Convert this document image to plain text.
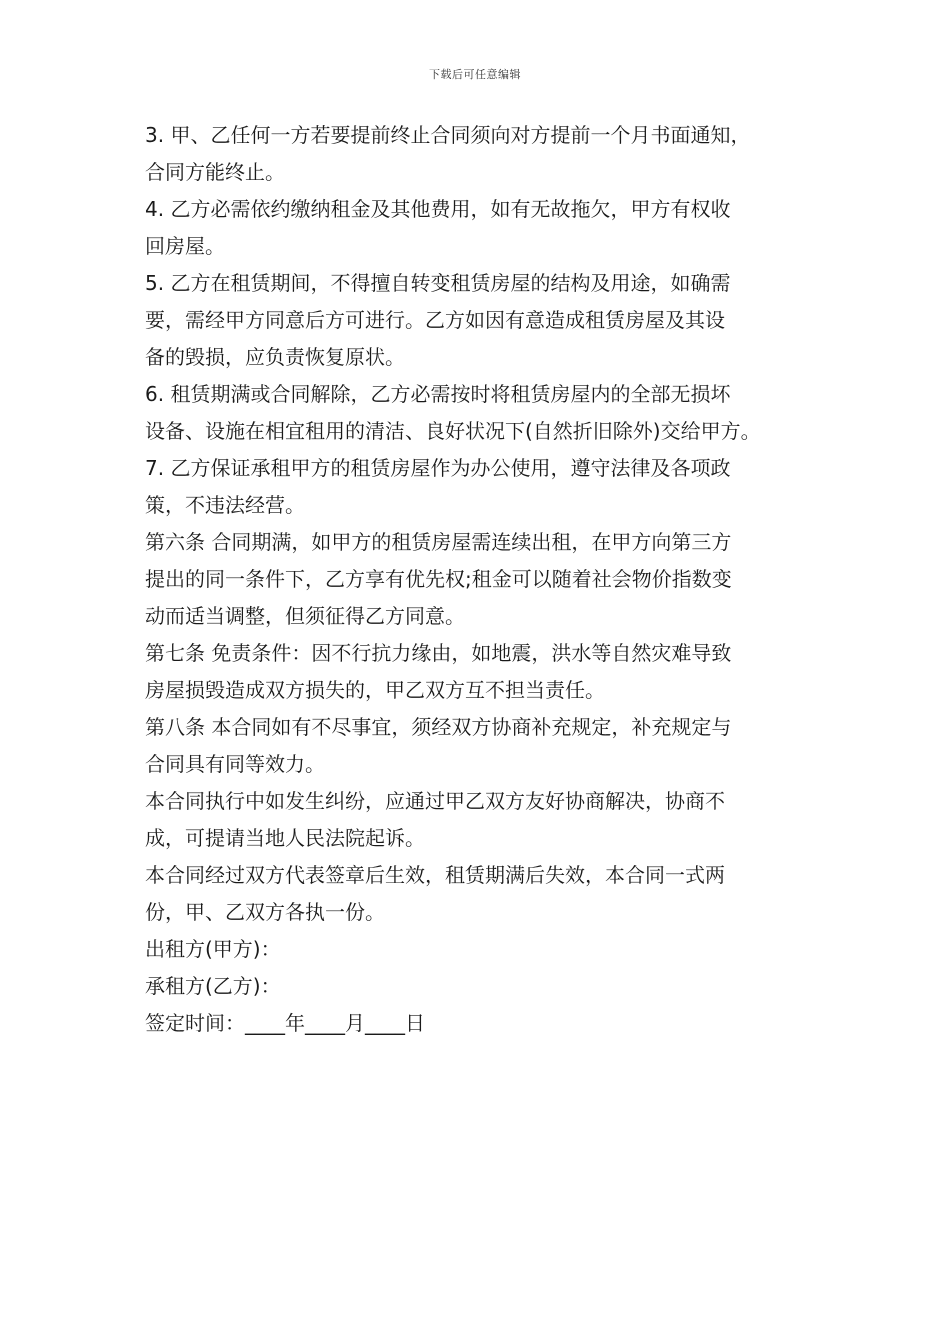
下载后可任意编辑
3. 甲、乙任何一方若要提前终止合同须向对方提前一个月书面通知，
合同方能终止。
4. 乙方必需依约缴纳租金及其他费用，如有无故拖欠，甲方有权收
回房屋。
5. 乙方在租赁期间，不得擅自转变租赁房屋的结构及用途，如确需
要，需经甲方同意后方可进行。乙方如因有意造成租赁房屋及其设
备的毁损，应负责恢复原状。
6. 租赁期满或合同解除，乙方必需按时将租赁房屋内的全部无损坏
设备、设施在相宜租用的清洁、良好状况下(自然折旧除外)交给甲方。
7. 乙方保证承租甲方的租赁房屋作为办公使用，遵守法律及各项政
策，不违法经营。
第六条 合同期满，如甲方的租赁房屋需连续出租，在甲方向第三方
提出的同一条件下，乙方享有优先权;租金可以随着社会物价指数变
动而适当调整，但须征得乙方同意。
第七条 免责条件：因不行抗力缘由，如地震，洪水等自然灾难导致
房屋损毁造成双方损失的，甲乙双方互不担当责任。
第八条 本合同如有不尽事宜，须经双方协商补充规定，补充规定与
合同具有同等效力。
本合同执行中如发生纠纷，应通过甲乙双方友好协商解决，协商不
成，可提请当地人民法院起诉。
本合同经过双方代表签章后生效，租赁期满后失效，本合同一式两
份，甲、乙双方各执一份。
出租方(甲方)：
承租方(乙方)：
签定时间：____年____月____日
